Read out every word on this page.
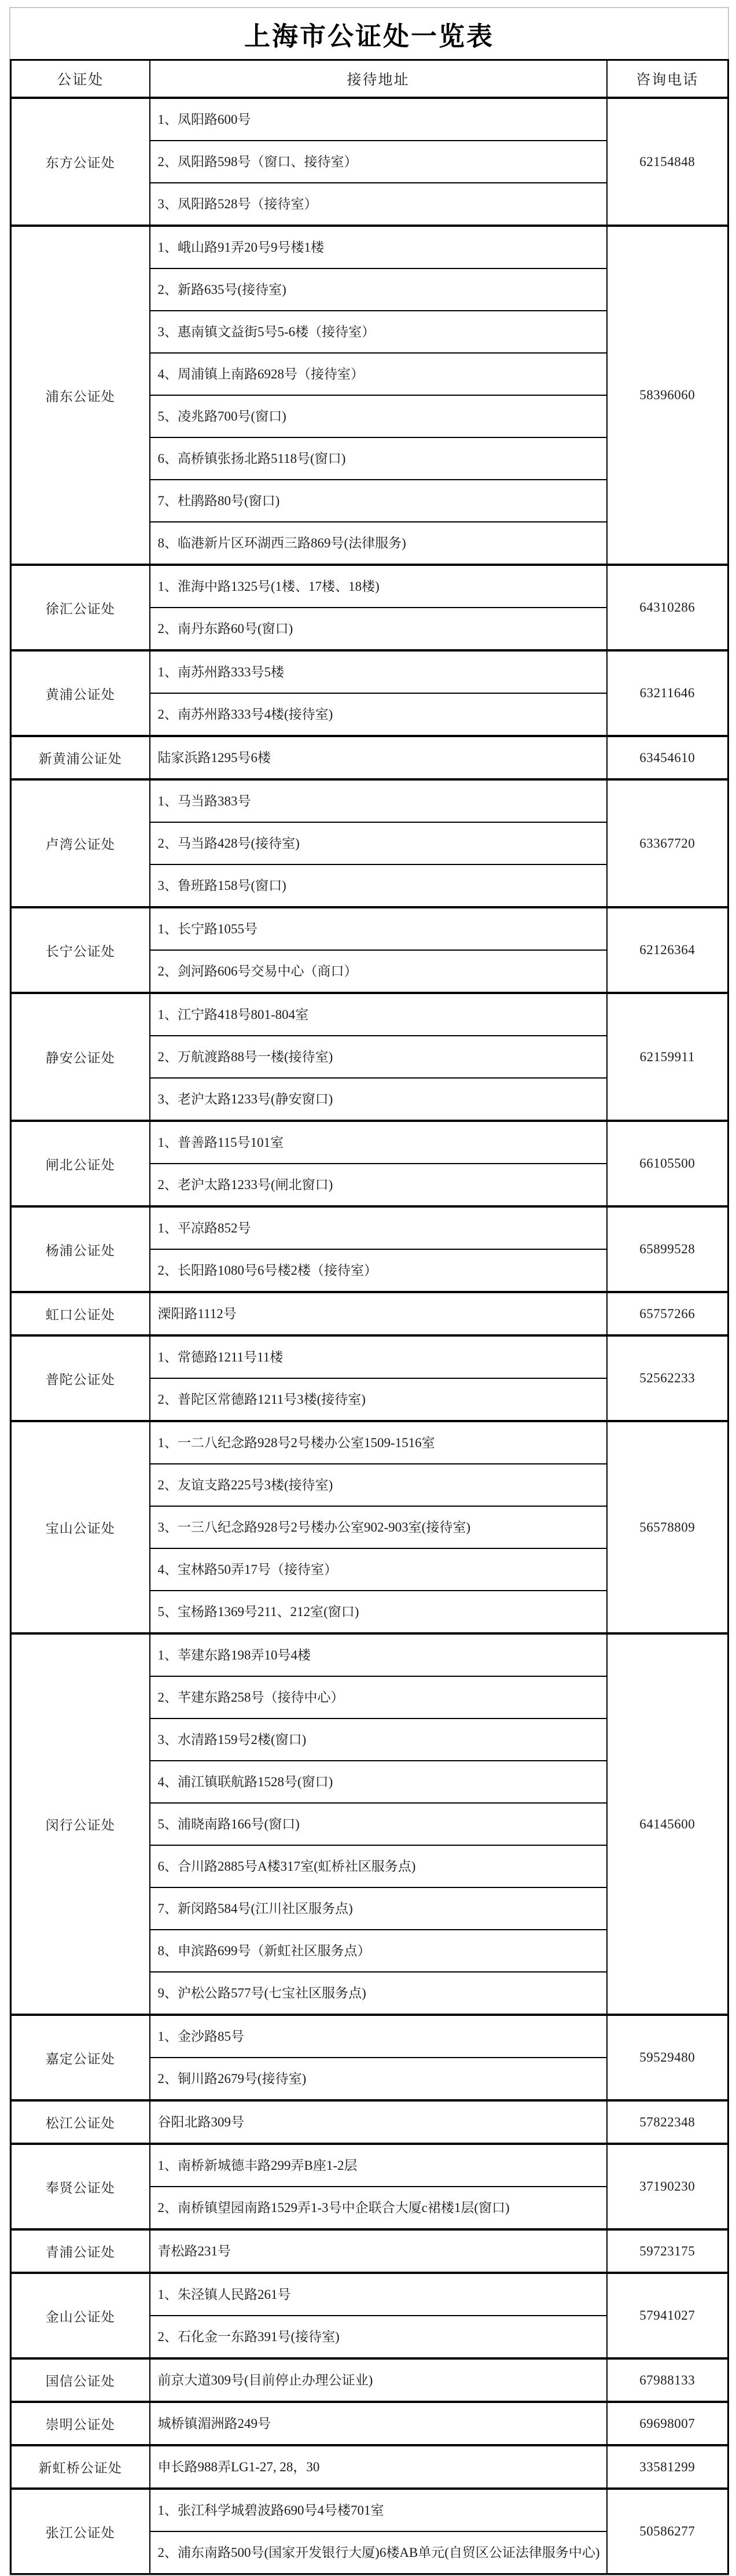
上海市公证处一览表
公证处	接待地址	咨询电话
东方公证处	1、凤阳路600号	62154848
	2、凤阳路598号（窗口、接待室）	
	3、凤阳路528号（接待室）	
浦东公证处	1、峨山路91弄20号9号楼1楼	58396060
	2、新路635号(接待室)	
	3、惠南镇文益街5号5-6楼（接待室）	
	4、周浦镇上南路6928号（接待室）	
	5、凌兆路700号(窗口)	
	6、高桥镇张扬北路5118号(窗口)	
	7、杜鹃路80号(窗口)	
	8、临港新片区环湖西三路869号(法律服务)	
徐汇公证处	1、淮海中路1325号(1楼、17楼、18楼)	64310286
	2、南丹东路60号(窗口)	
黄浦公证处	1、南苏州路333号5楼	63211646
	2、南苏州路333号4楼(接待室)	
新黄浦公证处	陆家浜路1295号6楼	63454610
卢湾公证处	1、马当路383号	63367720
	2、马当路428号(接待室)	
	3、鲁班路158号(窗口)	
长宁公证处	1、长宁路1055号	62126364
	2、剑河路606号交易中心（商口）	
静安公证处	1、江宁路418号801-804室	62159911
	2、万航渡路88号一楼(接待室)	
	3、老沪太路1233号(静安窗口)	
闸北公证处	1、普善路115号101室	66105500
	2、老沪太路1233号(闸北窗口)	
杨浦公证处	1、平凉路852号	65899528
	2、长阳路1080号6号楼2楼（接待室）	
虹口公证处	溧阳路1112号	65757266
普陀公证处	1、常德路1211号11楼	52562233
	2、普陀区常德路1211号3楼(接待室)	
宝山公证处	1、一二八纪念路928号2号楼办公室1509-1516室	56578809
	2、友谊支路225号3楼(接待室)	
	3、一三八纪念路928号2号楼办公室902-903室(接待室)	
	4、宝林路50弄17号（接待室）	
	5、宝杨路1369号211、212室(窗口)	
闵行公证处	1、莘建东路198弄10号4楼	64145600
	2、芊建东路258号（接待中心）	
	3、水清路159号2楼(窗口)	
	4、浦江镇联航路1528号(窗口)	
	5、浦晓南路166号(窗口)	
	6、合川路2885号A楼317室(虹桥社区服务点)	
	7、新闵路584号(江川社区服务点)	
	8、申滨路699号（新虹社区服务点）	
	9、沪松公路577号(七宝社区服务点)	
嘉定公证处	1、金沙路85号	59529480
	2、铜川路2679号(接待室)	
松江公证处	谷阳北路309号	57822348
奉贤公证处	1、南桥新城德丰路299弄B座1-2层	37190230
	2、南桥镇望园南路1529弄1-3号中企联合大厦c裙楼1层(窗口)	
青浦公证处	青松路231号	59723175
金山公证处	1、朱泾镇人民路261号	57941027
	2、石化金一东路391号(接待室)	
国信公证处	前京大道309号(目前停止办理公证业)	67988133
崇明公证处	城桥镇湄洲路249号	69698007
新虹桥公证处	申长路988弄LG1-27, 28，30	33581299
张江公证处	1、张江科学城碧波路690号4号楼701室	50586277
	2、浦东南路500号(国家开发银行大厦)6楼AB单元(自贸区公证法律服务中心)	
